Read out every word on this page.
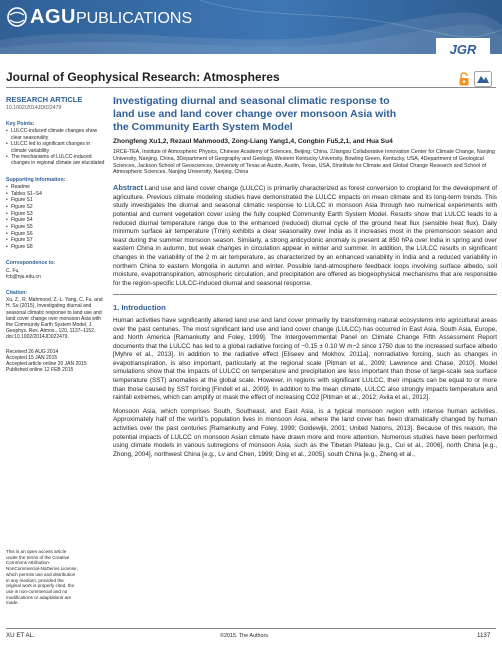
AGUPUBLICATIONS
JGR
Journal of Geophysical Research: Atmospheres
RESEARCH ARTICLE
10.1002/2014JD022479
Key Points:
• LULCC-induced climate changes show clear seasonality
• LULCC led to significant changes in climate variability
• The mechanisms of LULCC-induced changes in regional climate are elucidated
Supporting Information:
• Readme
• Tables S1–S4
• Figure S1
• Figure S2
• Figure S3
• Figure S4
• Figure S5
• Figure S6
• Figure S7
• Figure S8
Correspondence to:
C. Fu,
fcb@nju.edu.cn
Citation:
Xu, Z., R. Mahmood, Z.-L. Yang, C. Fu, and H. Su (2015), Investigating diurnal and seasonal climatic response to land use and land cover change over monsoon Asia with the Community Earth System Model, J. Geophys. Res. Atmos., 120, 1137–1152, doi:10.1002/2014JD022479.
Received 26 AUG 2014
Accepted 15 JAN 2015
Accepted article online 20 JAN 2015
Published online 12 FEB 2015
This is an open access article under the terms of the Creative Commons Attribution-NonCommercial-NoDerivs License, which permits use and distribution in any medium, provided the original work is properly cited, the use is non-commercial and no modifications or adaptations are made.
Investigating diurnal and seasonal climatic response to land use and land cover change over monsoon Asia with the Community Earth System Model
Zhongfeng Xu1,2, Rezaul Mahmood3, Zong-Liang Yang1,4, Congbin Fu5,2,1, and Hua Su4
1RCE-TEA, Institute of Atmospheric Physics, Chinese Academy of Sciences, Beijing, China, 2Jiangsu Collaborative Innovation Center for Climate Change, Nanjing University, Nanjing, China, 3Department of Geography and Geology, Western Kentucky University, Bowling Green, Kentucky, USA, 4Department of Geological Sciences, Jackson School of Geosciences, University of Texas at Austin, Austin, Texas, USA, 5Institute for Climate and Global Change Research and School of Atmospheric Sciences, Nanjing University, Nanjing, China
Abstract Land use and land cover change (LULCC) is primarily characterized as forest conversion to cropland for the development of agriculture. Previous climate modeling studies have demonstrated the LULCC impacts on mean climate and its long-term trends. This study investigates the diurnal and seasonal climatic response to LULCC in monsoon Asia through two numerical experiments with potential and current vegetation cover using the fully coupled Community Earth System Model. Results show that LULCC leads to a reduced diurnal temperature range due to the enhanced (reduced) diurnal cycle of the ground heat flux (sensible heat flux). Daily minimum surface air temperature (Tmin) exhibits a clear seasonality over India as it increases most in the premonsoon season and least during the summer monsoon season. Similarly, a strong anticyclonic anomaly is present at 850 hPa over India in spring and over eastern China in autumn, but weak changes in circulation appear in winter and summer. In addition, the LULCC results in significant changes in the variability of the 2 m air temperature, as characterized by an enhanced variability in India and a reduced variability in northern China to eastern Mongolia in autumn and winter. Possible land-atmosphere feedback loops involving surface albedo, soil moisture, evapotranspiration, atmospheric circulation, and precipitation are offered as biogeophysical mechanisms that are responsible for the region-specific LULCC-induced diurnal and seasonal response.
1. Introduction
Human activities have significantly altered land use and land cover primarily by transforming natural ecosystems into agricultural areas over the past centuries. The most significant land use and land cover change (LULCC) has occurred in East Asia, South Asia, Europe, and North America [Ramankutty and Foley, 1999]. The Intergovernmental Panel on Climate Change Fifth Assessment Report documents that the LULCC has led to a global radiative forcing of −0.15 ± 0.10 W m−2 since 1750 due to the increased surface albedo [Myhre et al., 2013]. In addition to the radiative effect [Eliseev and Mokhov, 2011a], nonradiative forcing, such as changes in evapotranspiration, is also important, particularly at the regional scale [Pitman et al., 2009; Lawrence and Chase, 2010]. Model simulations show that the impacts of LULCC on temperature and precipitation are less important than those of large-scale sea surface temperature (SST) anomalies at the global scale. However, in regions with significant LULCC, their impacts can be equal to or more than those caused by SST forcing [Findell et al., 2009]. In addition to the mean climate, LULCC also strongly impacts temperature and rainfall extremes, which can amplify or mask the effect of increasing CO2 [Pitman et al., 2012; Avila et al., 2012].
Monsoon Asia, which comprises South, Southeast, and East Asia, is a typical monsoon region with intense human activities. Approximately half of the world's population lives in monsoon Asia, where the land cover has been dramatically changed by human activities over the past centuries [Ramankutty and Foley, 1999; Goldewijk, 2001; United Nations, 2013]. Because of this reason, the potential impacts of LULCC on monsoon Asian climate have drawn more and more attention. Numerous studies have been performed using climate models in various subregions of monsoon Asia, such as the Tibetan Plateau [e.g., Cui et al., 2006], north China [e.g., Zhong, 2004], northwest China [e.g., Lv and Chen, 1999; Ding et al., 2005], south China [e.g., Zheng et al.,
XU ET AL.	©2015. The Authors.	1137
